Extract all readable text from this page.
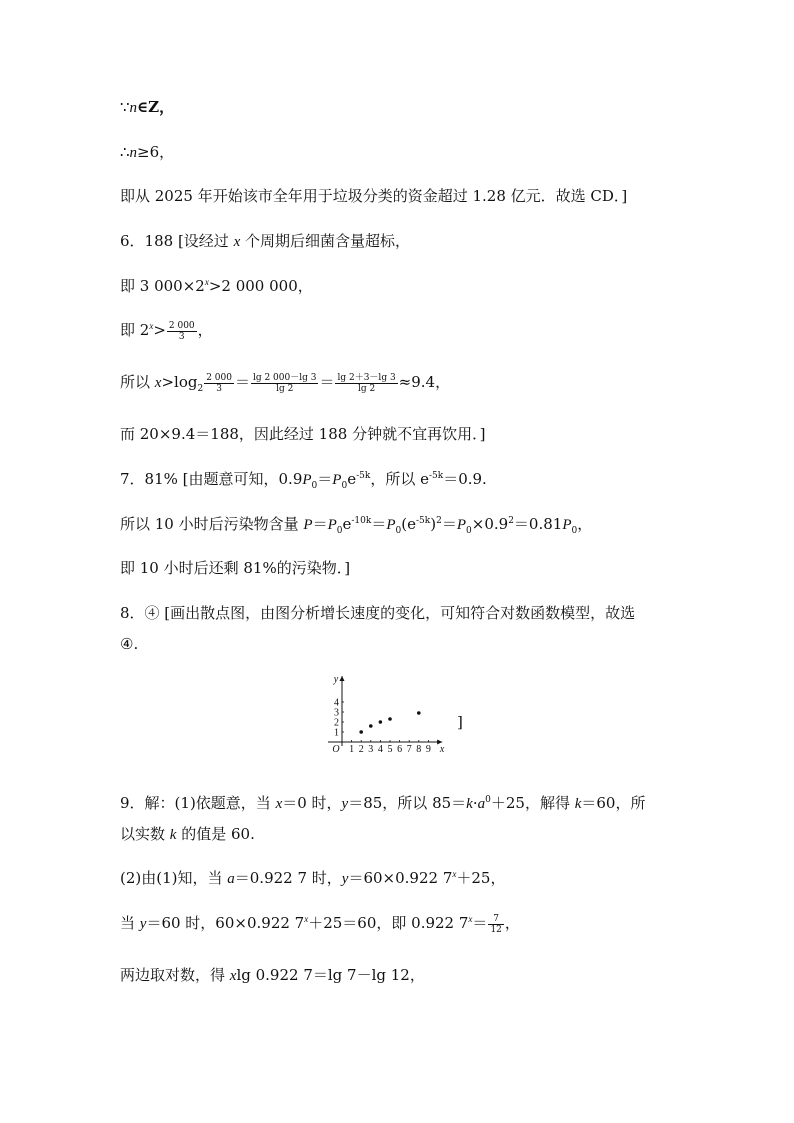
∵n∈Z，
∴n≥6，
即从 2025 年开始该市全年用于垃圾分类的资金超过 1.28 亿元．故选 CD．]
6．188 [设经过 x 个周期后细菌含量超标，
即 3 $000\times 2^x>2$ 000 000，
即 $2^x> \frac{2 000}{3}$ ，
所以 $x>\log_2 \frac{2 000}{3} = \frac{\lg 2 000-\lg 3}{\lg 2} = \frac{\lg 2+3-\lg 3}{\lg 2} \approx 9.4$，
而 20×9.4＝188，因此经过 188 分钟就不宜再饮用．]
7．81% [由题意可知，$0.9P_0=P_0e^{-5k}$，所以 $e^{-5k}=0.9$.
所以 10 小时后污染物含量 $P=P_0e^{-10k}=P_0(e^{-5k})^2=P_0\times 0.9^2=0.81P_0$，
即 10 小时后还剩 81%的污染物．]
8．④ [画出散点图，由图分析增长速度的变化，可知符合对数函数模型，故选
④.
1 2 3 4 5 6 7 8 9
1
2
3
4
O	x
y
]
9．解：(1)依题意，当 x＝0 时，y＝85，所以 $85=k\cdot a^0+25$，解得 k＝60，所
以实数 k 的值是 60.
(2)由(1)知，当 a＝0.922 7 时，y＝60×0.922 $7^x+25$，
当 y＝60 时，60×0.922 $7^x+25=60$，即 0.922 $7^x= \frac{7}{12}$ ，
两边取对数，得 xlg 0.922 7＝lg 7－lg 12，
